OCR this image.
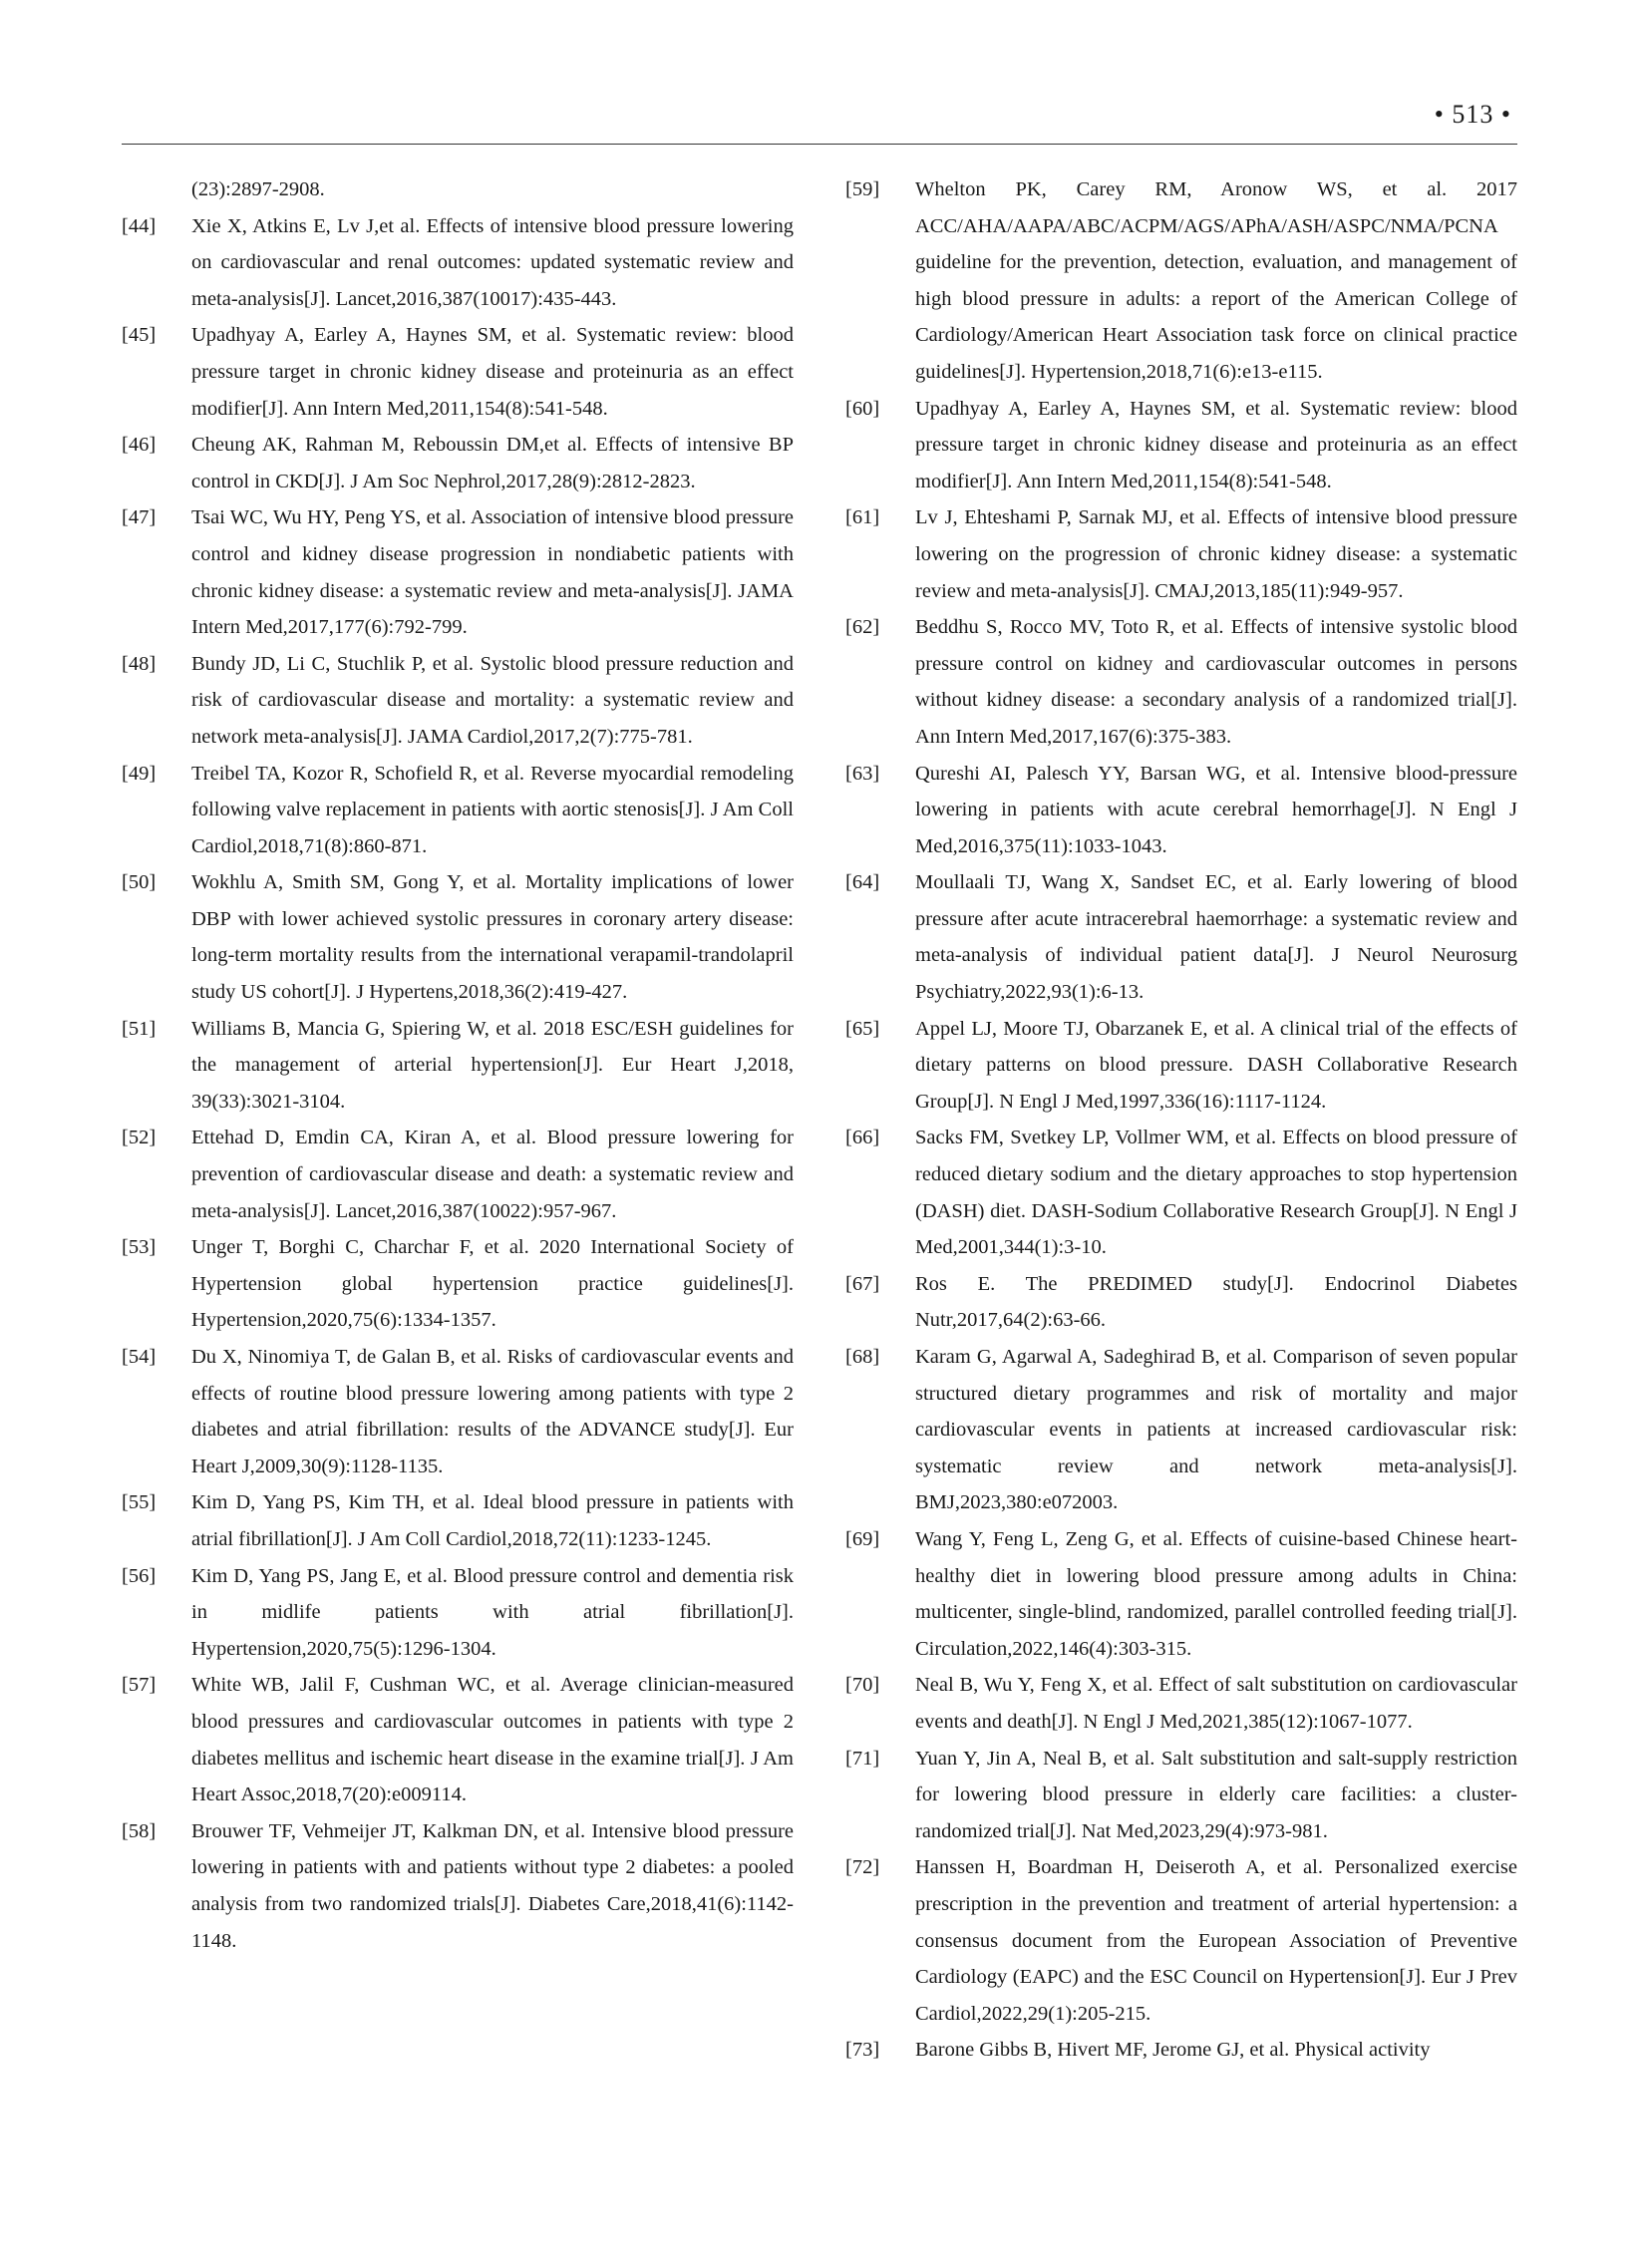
• 513 •
(23):2897-2908.
[44]	Xie X, Atkins E, Lv J,et al. Effects of intensive blood pressure lowering on cardiovascular and renal outcomes: updated systematic review and meta-analysis[J]. Lancet,2016,387(10017):435-443.
[45]	Upadhyay A, Earley A, Haynes SM, et al. Systematic review: blood pressure target in chronic kidney disease and proteinuria as an effect modifier[J]. Ann Intern Med,2011,154(8):541-548.
[46]	Cheung AK, Rahman M, Reboussin DM,et al. Effects of intensive BP control in CKD[J]. J Am Soc Nephrol,2017,28(9):2812-2823.
[47]	Tsai WC, Wu HY, Peng YS, et al. Association of intensive blood pressure control and kidney disease progression in nondiabetic patients with chronic kidney disease: a systematic review and meta-analysis[J]. JAMA Intern Med,2017,177(6):792-799.
[48]	Bundy JD, Li C, Stuchlik P, et al. Systolic blood pressure reduction and risk of cardiovascular disease and mortality: a systematic review and network meta-analysis[J]. JAMA Cardiol,2017,2(7):775-781.
[49]	Treibel TA, Kozor R, Schofield R, et al. Reverse myocardial remodeling following valve replacement in patients with aortic stenosis[J]. J Am Coll Cardiol,2018,71(8):860-871.
[50]	Wokhlu A, Smith SM, Gong Y, et al. Mortality implications of lower DBP with lower achieved systolic pressures in coronary artery disease: long-term mortality results from the international verapamil-trandolapril study US cohort[J]. J Hypertens,2018,36(2):419-427.
[51]	Williams B, Mancia G, Spiering W, et al. 2018 ESC/ESH guidelines for the management of arterial hypertension[J]. Eur Heart J,2018, 39(33):3021-3104.
[52]	Ettehad D, Emdin CA, Kiran A, et al. Blood pressure lowering for prevention of cardiovascular disease and death: a systematic review and meta-analysis[J]. Lancet,2016,387(10022):957-967.
[53]	Unger T, Borghi C, Charchar F, et al. 2020 International Society of Hypertension global hypertension practice guidelines[J]. Hypertension,2020,75(6):1334-1357.
[54]	Du X, Ninomiya T, de Galan B, et al. Risks of cardiovascular events and effects of routine blood pressure lowering among patients with type 2 diabetes and atrial fibrillation: results of the ADVANCE study[J]. Eur Heart J,2009,30(9):1128-1135.
[55]	Kim D, Yang PS, Kim TH, et al. Ideal blood pressure in patients with atrial fibrillation[J]. J Am Coll Cardiol,2018,72(11):1233-1245.
[56]	Kim D, Yang PS, Jang E, et al. Blood pressure control and dementia risk in midlife patients with atrial fibrillation[J]. Hypertension,2020,75(5):1296-1304.
[57]	White WB, Jalil F, Cushman WC, et al. Average clinician-measured blood pressures and cardiovascular outcomes in patients with type 2 diabetes mellitus and ischemic heart disease in the examine trial[J]. J Am Heart Assoc,2018,7(20):e009114.
[58]	Brouwer TF, Vehmeijer JT, Kalkman DN, et al. Intensive blood pressure lowering in patients with and patients without type 2 diabetes: a pooled analysis from two randomized trials[J]. Diabetes Care,2018,41(6):1142-1148.
[59]	Whelton PK, Carey RM, Aronow WS, et al. 2017 ACC/AHA/AAPA/ABC/ACPM/AGS/APhA/ASH/ASPC/NMA/PCNA guideline for the prevention, detection, evaluation, and management of high blood pressure in adults: a report of the American College of Cardiology/American Heart Association task force on clinical practice guidelines[J]. Hypertension,2018,71(6):e13-e115.
[60]	Upadhyay A, Earley A, Haynes SM, et al. Systematic review: blood pressure target in chronic kidney disease and proteinuria as an effect modifier[J]. Ann Intern Med,2011,154(8):541-548.
[61]	Lv J, Ehteshami P, Sarnak MJ, et al. Effects of intensive blood pressure lowering on the progression of chronic kidney disease: a systematic review and meta-analysis[J]. CMAJ,2013,185(11):949-957.
[62]	Beddhu S, Rocco MV, Toto R, et al. Effects of intensive systolic blood pressure control on kidney and cardiovascular outcomes in persons without kidney disease: a secondary analysis of a randomized trial[J]. Ann Intern Med,2017,167(6):375-383.
[63]	Qureshi AI, Palesch YY, Barsan WG, et al. Intensive blood-pressure lowering in patients with acute cerebral hemorrhage[J]. N Engl J Med,2016,375(11):1033-1043.
[64]	Moullaali TJ, Wang X, Sandset EC, et al. Early lowering of blood pressure after acute intracerebral haemorrhage: a systematic review and meta-analysis of individual patient data[J]. J Neurol Neurosurg Psychiatry,2022,93(1):6-13.
[65]	Appel LJ, Moore TJ, Obarzanek E, et al. A clinical trial of the effects of dietary patterns on blood pressure. DASH Collaborative Research Group[J]. N Engl J Med,1997,336(16):1117-1124.
[66]	Sacks FM, Svetkey LP, Vollmer WM, et al. Effects on blood pressure of reduced dietary sodium and the dietary approaches to stop hypertension (DASH) diet. DASH-Sodium Collaborative Research Group[J]. N Engl J Med,2001,344(1):3-10.
[67]	Ros E. The PREDIMED study[J]. Endocrinol Diabetes Nutr,2017,64(2):63-66.
[68]	Karam G, Agarwal A, Sadeghirad B, et al. Comparison of seven popular structured dietary programmes and risk of mortality and major cardiovascular events in patients at increased cardiovascular risk: systematic review and network meta-analysis[J]. BMJ,2023,380:e072003.
[69]	Wang Y, Feng L, Zeng G, et al. Effects of cuisine-based Chinese heart-healthy diet in lowering blood pressure among adults in China: multicenter, single-blind, randomized, parallel controlled feeding trial[J]. Circulation,2022,146(4):303-315.
[70]	Neal B, Wu Y, Feng X, et al. Effect of salt substitution on cardiovascular events and death[J]. N Engl J Med,2021,385(12):1067-1077.
[71]	Yuan Y, Jin A, Neal B, et al. Salt substitution and salt-supply restriction for lowering blood pressure in elderly care facilities: a cluster-randomized trial[J]. Nat Med,2023,29(4):973-981.
[72]	Hanssen H, Boardman H, Deiseroth A, et al. Personalized exercise prescription in the prevention and treatment of arterial hypertension: a consensus document from the European Association of Preventive Cardiology (EAPC) and the ESC Council on Hypertension[J]. Eur J Prev Cardiol,2022,29(1):205-215.
[73]	Barone Gibbs B, Hivert MF, Jerome GJ, et al. Physical activity
